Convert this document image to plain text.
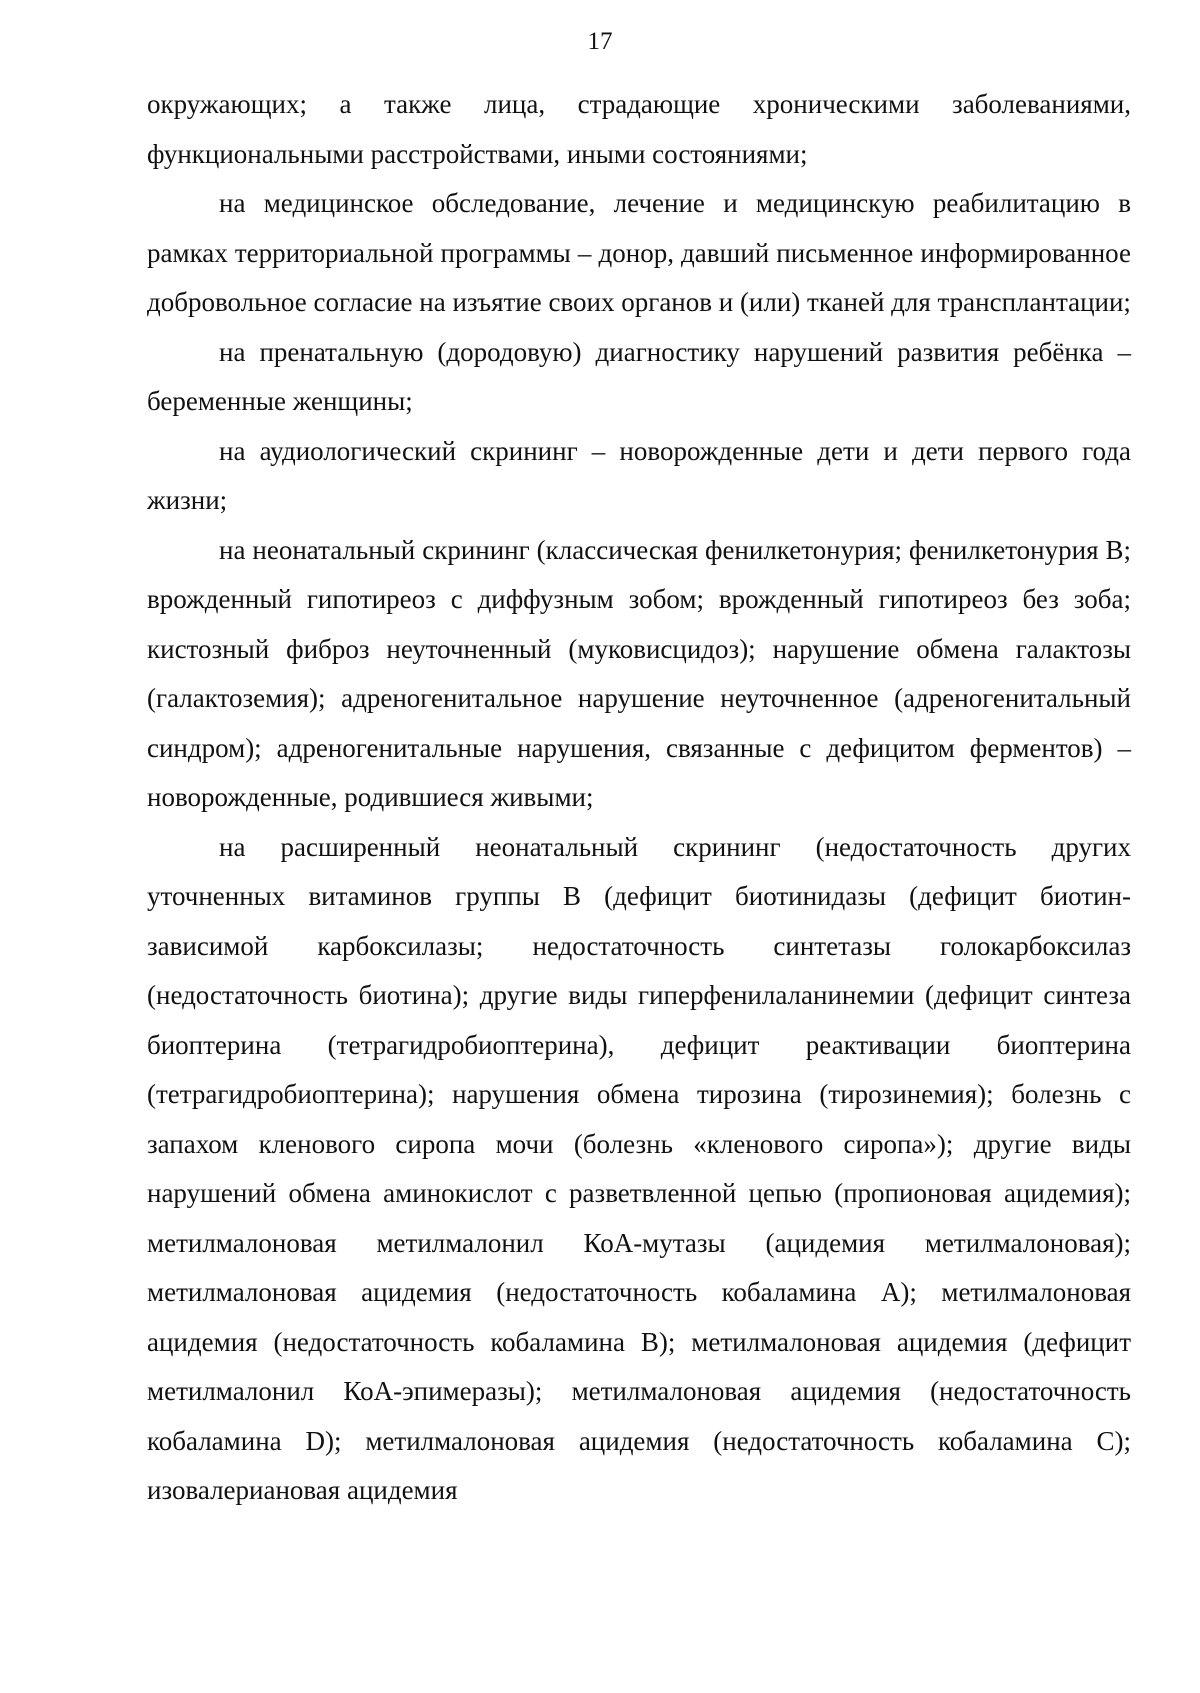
17

окружающих; а также лица, страдающие хроническими заболеваниями, функциональными расстройствами, иными состояниями;

на медицинское обследование, лечение и медицинскую реабилитацию в рамках территориальной программы – донор, давший письменное информированное добровольное согласие на изъятие своих органов и (или) тканей для трансплантации;

на пренатальную (дородовую) диагностику нарушений развития ребёнка – беременные женщины;

на аудиологический скрининг – новорожденные дети и дети первого года жизни;

на неонатальный скрининг (классическая фенилкетонурия; фенилкетонурия В; врожденный гипотиреоз с диффузным зобом; врожденный гипотиреоз без зоба; кистозный фиброз неуточненный (муковисцидоз); нарушение обмена галактозы (галактоземия); адреногенитальное нарушение неуточненное (адреногенитальный синдром); адреногенитальные нарушения, связанные с дефицитом ферментов) – новорожденные, родившиеся живыми;

на расширенный неонатальный скрининг (недостаточность других уточненных витаминов группы В (дефицит биотинидазы (дефицит биотин-зависимой карбоксилазы; недостаточность синтетазы голокарбоксилаз (недостаточность биотина); другие виды гиперфенилаланинемии (дефицит синтеза биоптерина (тетрагидробиоптерина), дефицит реактивации биоптерина (тетрагидробиоптерина); нарушения обмена тирозина (тирозинемия); болезнь с запахом кленового сиропа мочи (болезнь «кленового сиропа»); другие виды нарушений обмена аминокислот с разветвленной цепью (пропионовая ацидемия); метилмалоновая метилмалонил КоА-мутазы (ацидемия метилмалоновая); метилмалоновая ацидемия (недостаточность кобаламина А); метилмалоновая ацидемия (недостаточность кобаламина В); метилмалоновая ацидемия (дефицит метилмалонил КоА-эпимеразы); метилмалоновая ацидемия (недостаточность кобаламина D); метилмалоновая ацидемия (недостаточность кобаламина С); изовалериановая ацидемия
